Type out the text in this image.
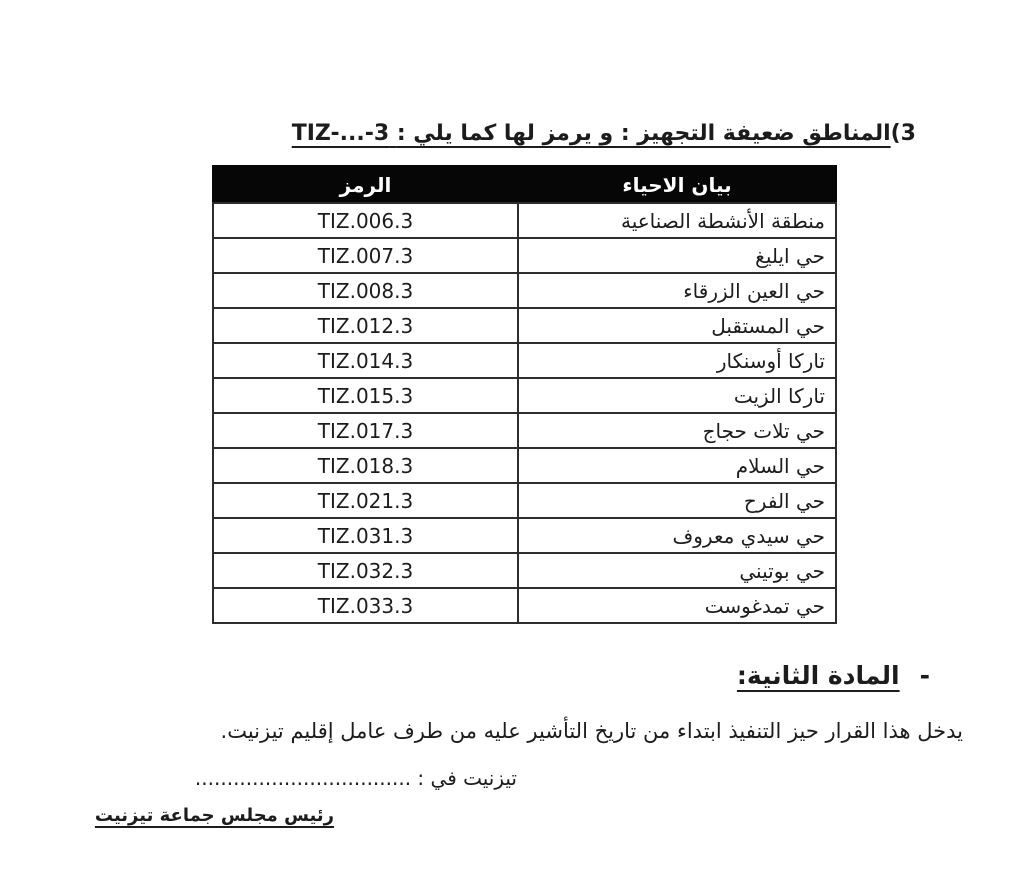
(3المناطق ضعيفة التجهيز : و يرمز لها كما يلي : TIZ-...-3
بيان الاحياء	الرمز
منطقة الأنشطة الصناعية	TIZ.006.3
حي ايليغ	TIZ.007.3
حي العين الزرقاء	TIZ.008.3
حي المستقبل	TIZ.012.3
تاركا أوسنكار	TIZ.014.3
تاركا الزيت	TIZ.015.3
حي تلات حجاج	TIZ.017.3
حي السلام	TIZ.018.3
حي الفرح	TIZ.021.3
حي سيدي معروف	TIZ.031.3
حي بوتيني	TIZ.032.3
حي تمدغوست	TIZ.033.3
-المادة الثانية:
يدخل هذا القرار حيز التنفيذ ابتداء من تاريخ التأشير عليه من طرف عامل إقليم تيزنيت.
تيزنيت في : ..................................
رئيس مجلس جماعة تيزنيت
